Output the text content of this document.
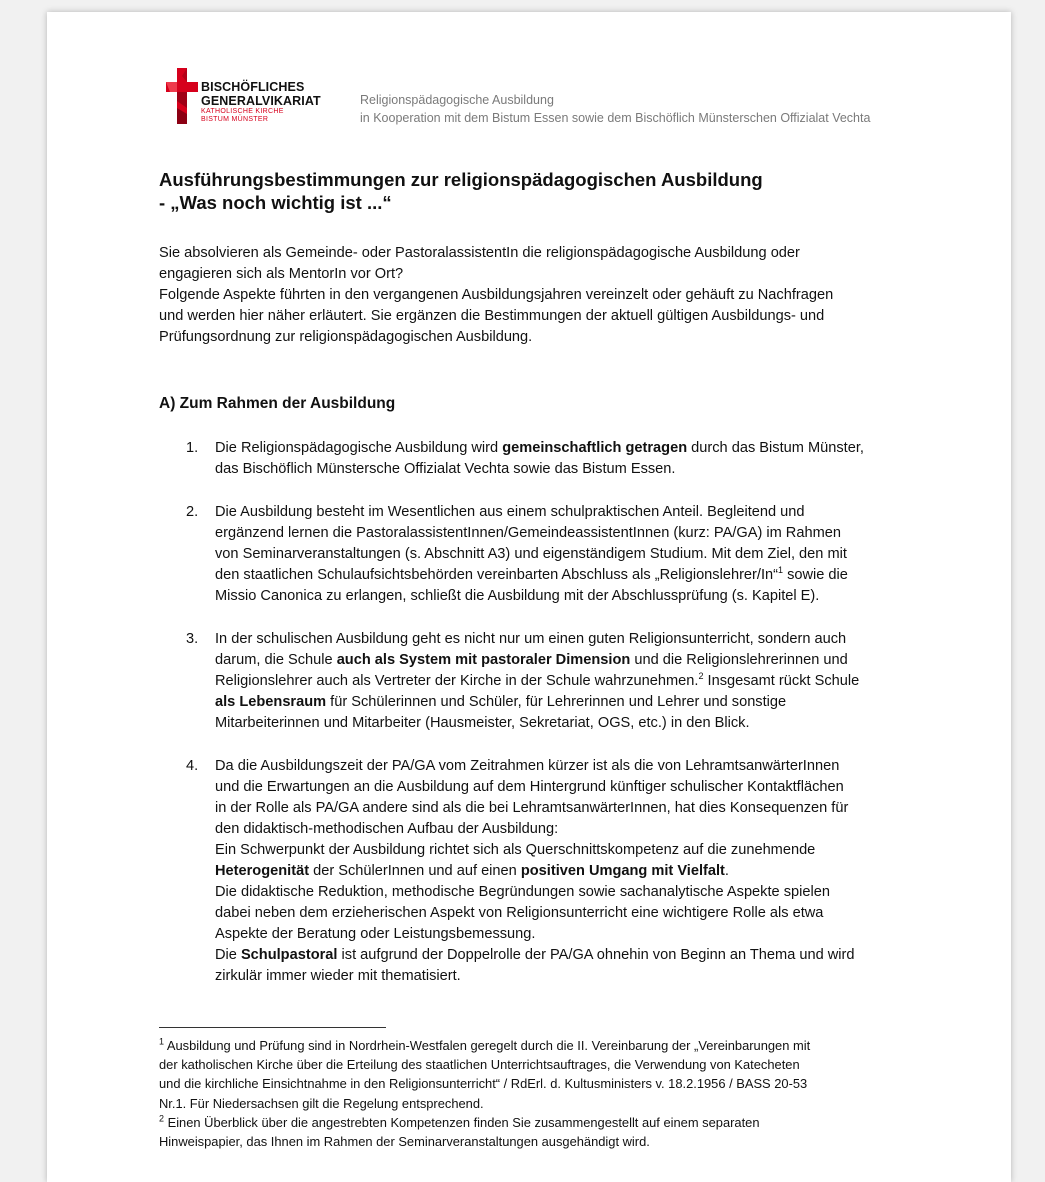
BISCHÖFLICHES
GENERALVIKARIAT
KATHOLISCHE KIRCHE
BISTUM MÜNSTER
Religionspädagogische Ausbildung
in Kooperation mit dem Bistum Essen sowie dem Bischöflich Münsterschen Offizialat Vechta
Ausführungsbestimmungen zur religionspädagogischen Ausbildung
- „Was noch wichtig ist ...“

Sie absolvieren als Gemeinde- oder PastoralassistentIn die religionspädagogische Ausbildung oder

engagieren sich als MentorIn vor Ort?

Folgende Aspekte führten in den vergangenen Ausbildungsjahren vereinzelt oder gehäuft zu Nachfragen

und werden hier näher erläutert. Sie ergänzen die Bestimmungen der aktuell gültigen Ausbildungs- und

Prüfungsordnung zur religionspädagogischen Ausbildung.

A) Zum Rahmen der Ausbildung
1.	Die Religionspädagogische Ausbildung wird gemeinschaftlich getragen durch das Bistum Münster,

das Bischöflich Münstersche Offizialat Vechta sowie das Bistum Essen.

2.	Die Ausbildung besteht im Wesentlichen aus einem schulpraktischen Anteil. Begleitend und

ergänzend lernen die PastoralassistentInnen/GemeindeassistentInnen (kurz: PA/GA) im Rahmen

von Seminarveranstaltungen (s. Abschnitt A3) und eigenständigem Studium. Mit dem Ziel, den mit

den staatlichen Schulaufsichtsbehörden vereinbarten Abschluss als „Religionslehrer/In“$^1$ sowie die

Missio Canonica zu erlangen, schließt die Ausbildung mit der Abschlussprüfung (s. Kapitel E).

3.	In der schulischen Ausbildung geht es nicht nur um einen guten Religionsunterricht, sondern auch

darum, die Schule auch als System mit pastoraler Dimension und die Religionslehrerinnen und

Religionslehrer auch als Vertreter der Kirche in der Schule wahrzunehmen.$^2$ Insgesamt rückt Schule

als Lebensraum für Schülerinnen und Schüler, für Lehrerinnen und Lehrer und sonstige

Mitarbeiterinnen und Mitarbeiter (Hausmeister, Sekretariat, OGS, etc.) in den Blick.

4.	Da die Ausbildungszeit der PA/GA vom Zeitrahmen kürzer ist als die von LehramtsanwärterInnen

und die Erwartungen an die Ausbildung auf dem Hintergrund künftiger schulischer Kontaktflächen

in der Rolle als PA/GA andere sind als die bei LehramtsanwärterInnen, hat dies Konsequenzen für

den didaktisch-methodischen Aufbau der Ausbildung:

Ein Schwerpunkt der Ausbildung richtet sich als Querschnittskompetenz auf die zunehmende

Heterogenität der SchülerInnen und auf einen positiven Umgang mit Vielfalt.

Die didaktische Reduktion, methodische Begründungen sowie sachanalytische Aspekte spielen

dabei neben dem erzieherischen Aspekt von Religionsunterricht eine wichtigere Rolle als etwa

Aspekte der Beratung oder Leistungsbemessung.

Die Schulpastoral ist aufgrund der Doppelrolle der PA/GA ohnehin von Beginn an Thema und wird

zirkulär immer wieder mit thematisiert.

$^1$ Ausbildung und Prüfung sind in Nordrhein-Westfalen geregelt durch die II. Vereinbarung der „Vereinbarungen mit

der katholischen Kirche über die Erteilung des staatlichen Unterrichtsauftrages, die Verwendung von Katecheten

und die kirchliche Einsichtnahme in den Religionsunterricht“ / RdErl. d. Kultusministers v. 18.2.1956 / BASS 20-53

Nr.1. Für Niedersachsen gilt die Regelung entsprechend.

$^2$ Einen Überblick über die angestrebten Kompetenzen finden Sie zusammengestellt auf einem separaten

Hinweispapier, das Ihnen im Rahmen der Seminarveranstaltungen ausgehändigt wird.
